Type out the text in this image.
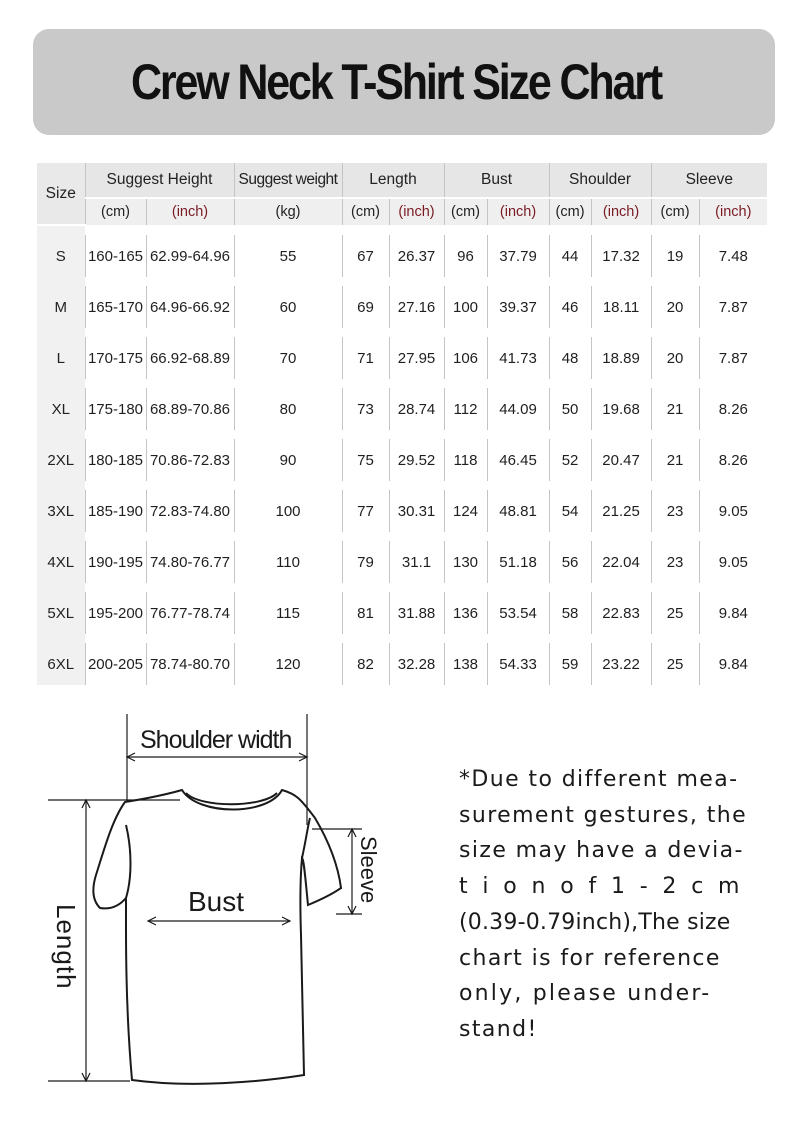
Crew Neck T-Shirt Size Chart
Size	Suggest Height		Suggest weight	Length		Bust		Shoulder		Sleeve	
	(cm)	(inch)	(kg)	(cm)	(inch)	(cm)	(inch)	(cm)	(inch)	(cm)	(inch)

S	160-165	62.99-64.96	55	67	26.37	96	37.79	44	17.32	19	7.48

M	165-170	64.96-66.92	60	69	27.16	100	39.37	46	18.11	20	7.87

L	170-175	66.92-68.89	70	71	27.95	106	41.73	48	18.89	20	7.87

XL	175-180	68.89-70.86	80	73	28.74	112	44.09	50	19.68	21	8.26

2XL	180-185	70.86-72.83	90	75	29.52	118	46.45	52	20.47	21	8.26

3XL	185-190	72.83-74.80	100	77	30.31	124	48.81	54	21.25	23	9.05

4XL	190-195	74.80-76.77	110	79	31.1	130	51.18	56	22.04	23	9.05

5XL	195-200	76.77-78.74	115	81	31.88	136	53.54	58	22.83	25	9.84

6XL	200-205	78.74-80.70	120	82	32.28	138	54.33	59	23.22	25	9.84
Shoulder width
Bust	Sleeve
Length
*Due to different mea-
surement gestures, the
size may have a devia-
t i o n o f 1 - 2 c m
(0.39-0.79inch),The size
chart is for reference
only, please under-
stand!
